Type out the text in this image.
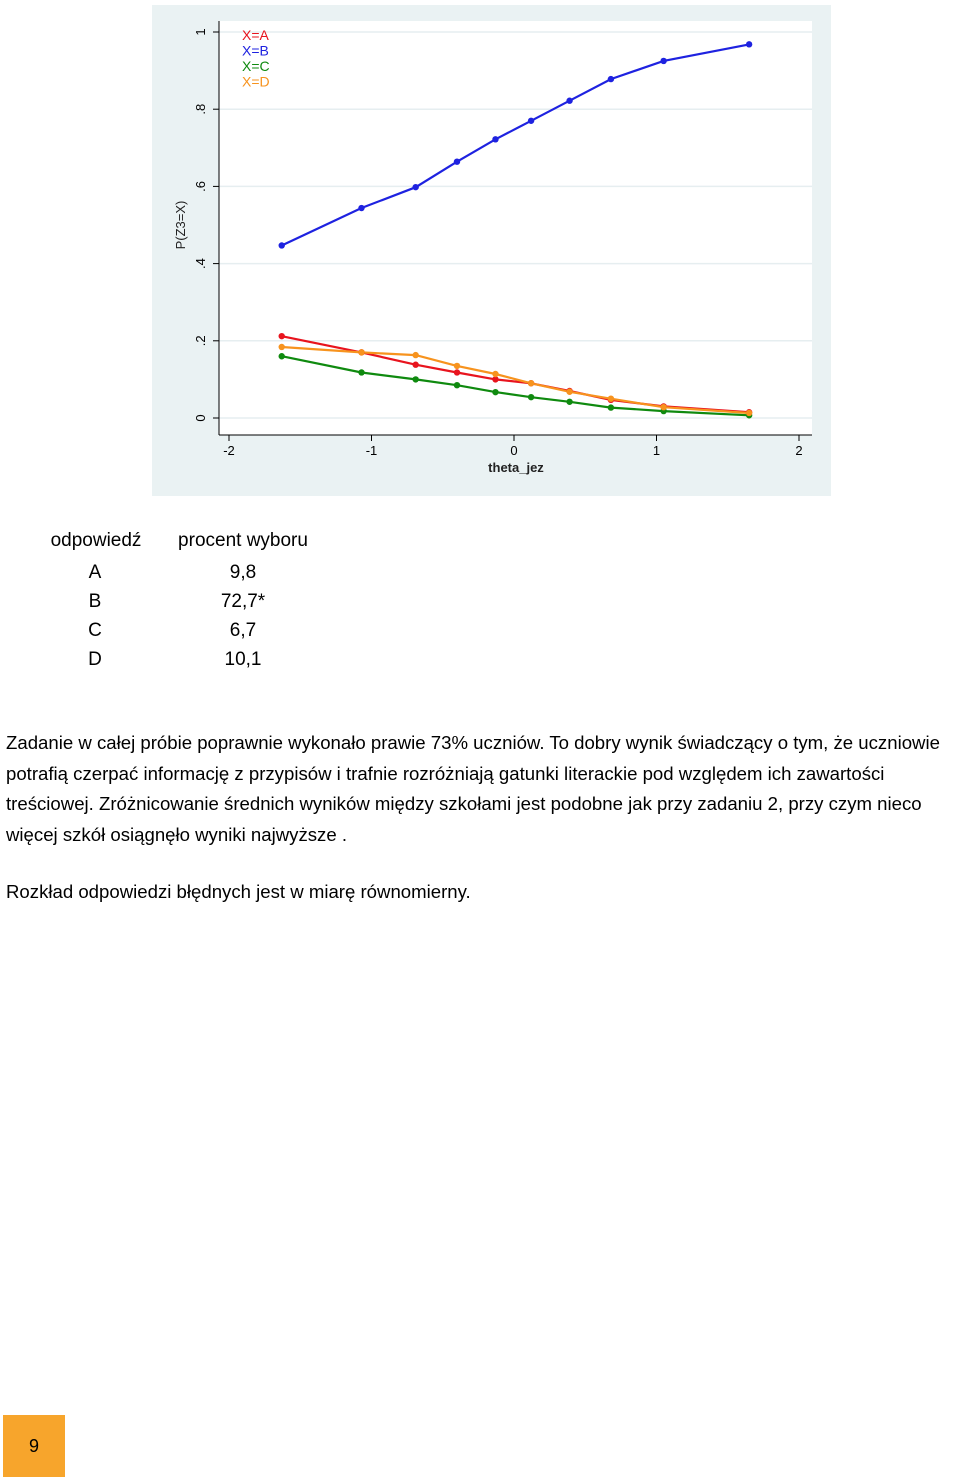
0
.2
.4
.6
.8
1
-2	-1	0	1	2
theta_jez
P(Z3=X)
X=A
X=B
X=C
X=D
odpowiedź	procent wyboru
A	9,8
B	72,7*
C	6,7
D	10,1

Zadanie w całej próbie poprawnie wykonało prawie 73% uczniów. To dobry wynik świadczący o tym, że uczniowie potrafią czerpać informację z przypisów i trafnie rozróżniają gatunki literackie pod względem ich zawartości treściowej. Zróżnicowanie średnich wyników między szkołami jest podobne jak przy zadaniu 2, przy czym nieco więcej szkół osiągnęło wyniki najwyższe .

Rozkład odpowiedzi błędnych jest w miarę równomierny.

9
